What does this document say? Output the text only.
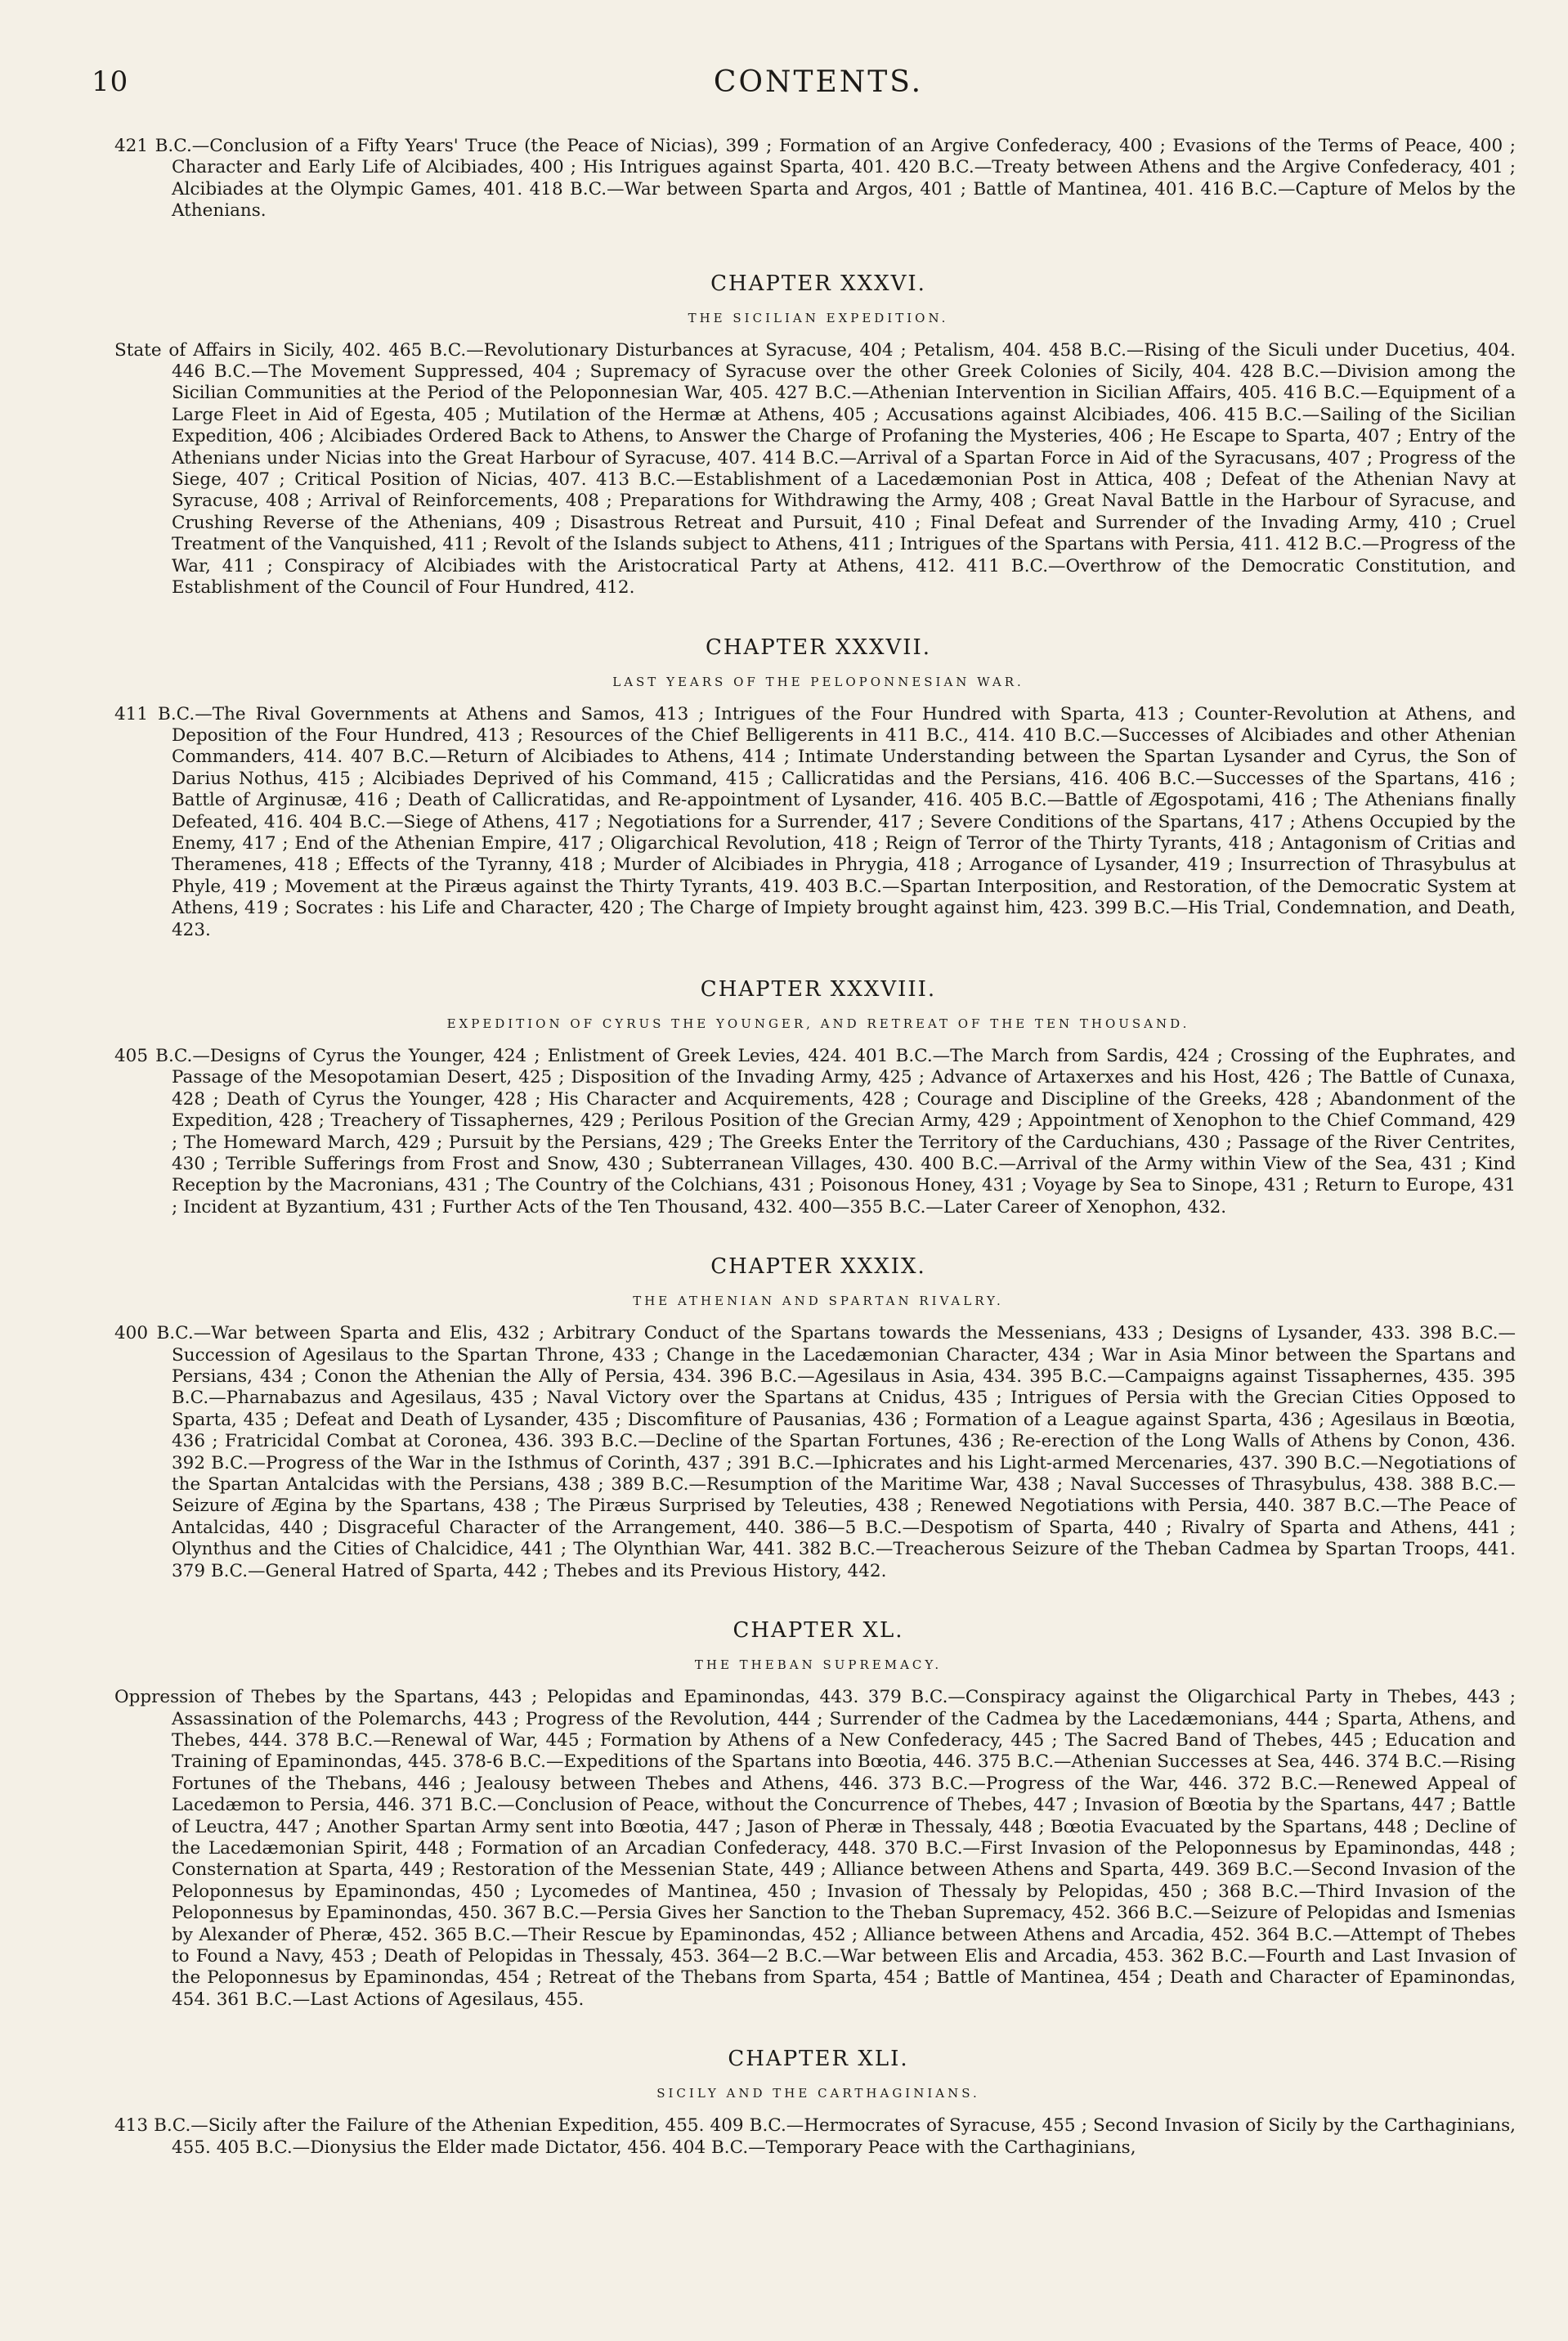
10	CONTENTS.

421 B.C.—Conclusion of a Fifty Years' Truce (the Peace of Nicias), 399 ; Formation of an Argive Confederacy, 400 ; Evasions of the Terms of Peace, 400 ; Character and Early Life of Alcibiades, 400 ; His Intrigues against Sparta, 401. 420 B.C.—Treaty between Athens and the Argive Confederacy, 401 ; Alcibiades at the Olympic Games, 401. 418 B.C.—War between Sparta and Argos, 401 ; Battle of Mantinea, 401. 416 B.C.—Capture of Melos by the Athenians.

CHAPTER XXXVI.
THE SICILIAN EXPEDITION.

State of Affairs in Sicily, 402. 465 B.C.—Revolutionary Disturbances at Syracuse, 404 ; Petalism, 404. 458 B.C.—Rising of the Siculi under Ducetius, 404. 446 B.C.—The Movement Suppressed, 404 ; Supremacy of Syracuse over the other Greek Colonies of Sicily, 404. 428 B.C.—Division among the Sicilian Communities at the Period of the Peloponnesian War, 405. 427 B.C.—Athenian Intervention in Sicilian Affairs, 405. 416 B.C.—Equipment of a Large Fleet in Aid of Egesta, 405 ; Mutilation of the Hermæ at Athens, 405 ; Accusations against Alcibiades, 406. 415 B.C.—Sailing of the Sicilian Expedition, 406 ; Alcibiades Ordered Back to Athens, to Answer the Charge of Profaning the Mysteries, 406 ; He Escape to Sparta, 407 ; Entry of the Athenians under Nicias into the Great Harbour of Syracuse, 407. 414 B.C.—Arrival of a Spartan Force in Aid of the Syracusans, 407 ; Progress of the Siege, 407 ; Critical Position of Nicias, 407. 413 B.C.—Establishment of a Lacedæmonian Post in Attica, 408 ; Defeat of the Athenian Navy at Syracuse, 408 ; Arrival of Reinforcements, 408 ; Preparations for Withdrawing the Army, 408 ; Great Naval Battle in the Harbour of Syracuse, and Crushing Reverse of the Athenians, 409 ; Disastrous Retreat and Pursuit, 410 ; Final Defeat and Surrender of the Invading Army, 410 ; Cruel Treatment of the Vanquished, 411 ; Revolt of the Islands subject to Athens, 411 ; Intrigues of the Spartans with Persia, 411. 412 B.C.—Progress of the War, 411 ; Conspiracy of Alcibiades with the Aristocratical Party at Athens, 412. 411 B.C.—Overthrow of the Democratic Constitution, and Establishment of the Council of Four Hundred, 412.

CHAPTER XXXVII.
LAST YEARS OF THE PELOPONNESIAN WAR.

411 B.C.—The Rival Governments at Athens and Samos, 413 ; Intrigues of the Four Hundred with Sparta, 413 ; Counter-Revolution at Athens, and Deposition of the Four Hundred, 413 ; Resources of the Chief Belligerents in 411 B.C., 414. 410 B.C.—Successes of Alcibiades and other Athenian Commanders, 414. 407 B.C.—Return of Alcibiades to Athens, 414 ; Intimate Understanding between the Spartan Lysander and Cyrus, the Son of Darius Nothus, 415 ; Alcibiades Deprived of his Command, 415 ; Callicratidas and the Persians, 416. 406 B.C.—Successes of the Spartans, 416 ; Battle of Arginusæ, 416 ; Death of Callicratidas, and Re-appointment of Lysander, 416. 405 B.C.—Battle of Ægospotami, 416 ; The Athenians finally Defeated, 416. 404 B.C.—Siege of Athens, 417 ; Negotiations for a Surrender, 417 ; Severe Conditions of the Spartans, 417 ; Athens Occupied by the Enemy, 417 ; End of the Athenian Empire, 417 ; Oligarchical Revolution, 418 ; Reign of Terror of the Thirty Tyrants, 418 ; Antagonism of Critias and Theramenes, 418 ; Effects of the Tyranny, 418 ; Murder of Alcibiades in Phrygia, 418 ; Arrogance of Lysander, 419 ; Insurrection of Thrasybulus at Phyle, 419 ; Movement at the Piræus against the Thirty Tyrants, 419. 403 B.C.—Spartan Interposition, and Restoration, of the Democratic System at Athens, 419 ; Socrates : his Life and Character, 420 ; The Charge of Impiety brought against him, 423. 399 B.C.—His Trial, Condemnation, and Death, 423.

CHAPTER XXXVIII.
EXPEDITION OF CYRUS THE YOUNGER, AND RETREAT OF THE TEN THOUSAND.

405 B.C.—Designs of Cyrus the Younger, 424 ; Enlistment of Greek Levies, 424. 401 B.C.—The March from Sardis, 424 ; Crossing of the Euphrates, and Passage of the Mesopotamian Desert, 425 ; Disposition of the Invading Army, 425 ; Advance of Artaxerxes and his Host, 426 ; The Battle of Cunaxa, 428 ; Death of Cyrus the Younger, 428 ; His Character and Acquirements, 428 ; Courage and Discipline of the Greeks, 428 ; Abandonment of the Expedition, 428 ; Treachery of Tissaphernes, 429 ; Perilous Position of the Grecian Army, 429 ; Appointment of Xenophon to the Chief Command, 429 ; The Homeward March, 429 ; Pursuit by the Persians, 429 ; The Greeks Enter the Territory of the Carduchians, 430 ; Passage of the River Centrites, 430 ; Terrible Sufferings from Frost and Snow, 430 ; Subterranean Villages, 430. 400 B.C.—Arrival of the Army within View of the Sea, 431 ; Kind Reception by the Macronians, 431 ; The Country of the Colchians, 431 ; Poisonous Honey, 431 ; Voyage by Sea to Sinope, 431 ; Return to Europe, 431 ; Incident at Byzantium, 431 ; Further Acts of the Ten Thousand, 432. 400—355 B.C.—Later Career of Xenophon, 432.

CHAPTER XXXIX.
THE ATHENIAN AND SPARTAN RIVALRY.

400 B.C.—War between Sparta and Elis, 432 ; Arbitrary Conduct of the Spartans towards the Messenians, 433 ; Designs of Lysander, 433. 398 B.C.—Succession of Agesilaus to the Spartan Throne, 433 ; Change in the Lacedæmonian Character, 434 ; War in Asia Minor between the Spartans and Persians, 434 ; Conon the Athenian the Ally of Persia, 434. 396 B.C.—Agesilaus in Asia, 434. 395 B.C.—Campaigns against Tissaphernes, 435. 395 B.C.—Pharnabazus and Agesilaus, 435 ; Naval Victory over the Spartans at Cnidus, 435 ; Intrigues of Persia with the Grecian Cities Opposed to Sparta, 435 ; Defeat and Death of Lysander, 435 ; Discomfiture of Pausanias, 436 ; Formation of a League against Sparta, 436 ; Agesilaus in Bœotia, 436 ; Fratricidal Combat at Coronea, 436. 393 B.C.—Decline of the Spartan Fortunes, 436 ; Re-erection of the Long Walls of Athens by Conon, 436. 392 B.C.—Progress of the War in the Isthmus of Corinth, 437 ; 391 B.C.—Iphicrates and his Light-armed Mercenaries, 437. 390 B.C.—Negotiations of the Spartan Antalcidas with the Persians, 438 ; 389 B.C.—Resumption of the Maritime War, 438 ; Naval Successes of Thrasybulus, 438. 388 B.C.—Seizure of Ægina by the Spartans, 438 ; The Piræus Surprised by Teleuties, 438 ; Renewed Negotiations with Persia, 440. 387 B.C.—The Peace of Antalcidas, 440 ; Disgraceful Character of the Arrangement, 440. 386—5 B.C.—Despotism of Sparta, 440 ; Rivalry of Sparta and Athens, 441 ; Olynthus and the Cities of Chalcidice, 441 ; The Olynthian War, 441. 382 B.C.—Treacherous Seizure of the Theban Cadmea by Spartan Troops, 441. 379 B.C.—General Hatred of Sparta, 442 ; Thebes and its Previous History, 442.

CHAPTER XL.
THE THEBAN SUPREMACY.

Oppression of Thebes by the Spartans, 443 ; Pelopidas and Epaminondas, 443. 379 B.C.—Conspiracy against the Oligarchical Party in Thebes, 443 ; Assassination of the Polemarchs, 443 ; Progress of the Revolution, 444 ; Surrender of the Cadmea by the Lacedæmonians, 444 ; Sparta, Athens, and Thebes, 444. 378 B.C.—Renewal of War, 445 ; Formation by Athens of a New Confederacy, 445 ; The Sacred Band of Thebes, 445 ; Education and Training of Epaminondas, 445. 378-6 B.C.—Expeditions of the Spartans into Bœotia, 446. 375 B.C.—Athenian Successes at Sea, 446. 374 B.C.—Rising Fortunes of the Thebans, 446 ; Jealousy between Thebes and Athens, 446. 373 B.C.—Progress of the War, 446. 372 B.C.—Renewed Appeal of Lacedæmon to Persia, 446. 371 B.C.—Conclusion of Peace, without the Concurrence of Thebes, 447 ; Invasion of Bœotia by the Spartans, 447 ; Battle of Leuctra, 447 ; Another Spartan Army sent into Bœotia, 447 ; Jason of Pheræ in Thessaly, 448 ; Bœotia Evacuated by the Spartans, 448 ; Decline of the Lacedæmonian Spirit, 448 ; Formation of an Arcadian Confederacy, 448. 370 B.C.—First Invasion of the Peloponnesus by Epaminondas, 448 ; Consternation at Sparta, 449 ; Restoration of the Messenian State, 449 ; Alliance between Athens and Sparta, 449. 369 B.C.—Second Invasion of the Peloponnesus by Epaminondas, 450 ; Lycomedes of Mantinea, 450 ; Invasion of Thessaly by Pelopidas, 450 ; 368 B.C.—Third Invasion of the Peloponnesus by Epaminondas, 450. 367 B.C.—Persia Gives her Sanction to the Theban Supremacy, 452. 366 B.C.—Seizure of Pelopidas and Ismenias by Alexander of Pheræ, 452. 365 B.C.—Their Rescue by Epaminondas, 452 ; Alliance between Athens and Arcadia, 452. 364 B.C.—Attempt of Thebes to Found a Navy, 453 ; Death of Pelopidas in Thessaly, 453. 364—2 B.C.—War between Elis and Arcadia, 453. 362 B.C.—Fourth and Last Invasion of the Peloponnesus by Epaminondas, 454 ; Retreat of the Thebans from Sparta, 454 ; Battle of Mantinea, 454 ; Death and Character of Epaminondas, 454. 361 B.C.—Last Actions of Agesilaus, 455.

CHAPTER XLI.
SICILY AND THE CARTHAGINIANS.

413 B.C.—Sicily after the Failure of the Athenian Expedition, 455. 409 B.C.—Hermocrates of Syracuse, 455 ; Second Invasion of Sicily by the Carthaginians, 455. 405 B.C.—Dionysius the Elder made Dictator, 456. 404 B.C.—Temporary Peace with the Carthaginians,
